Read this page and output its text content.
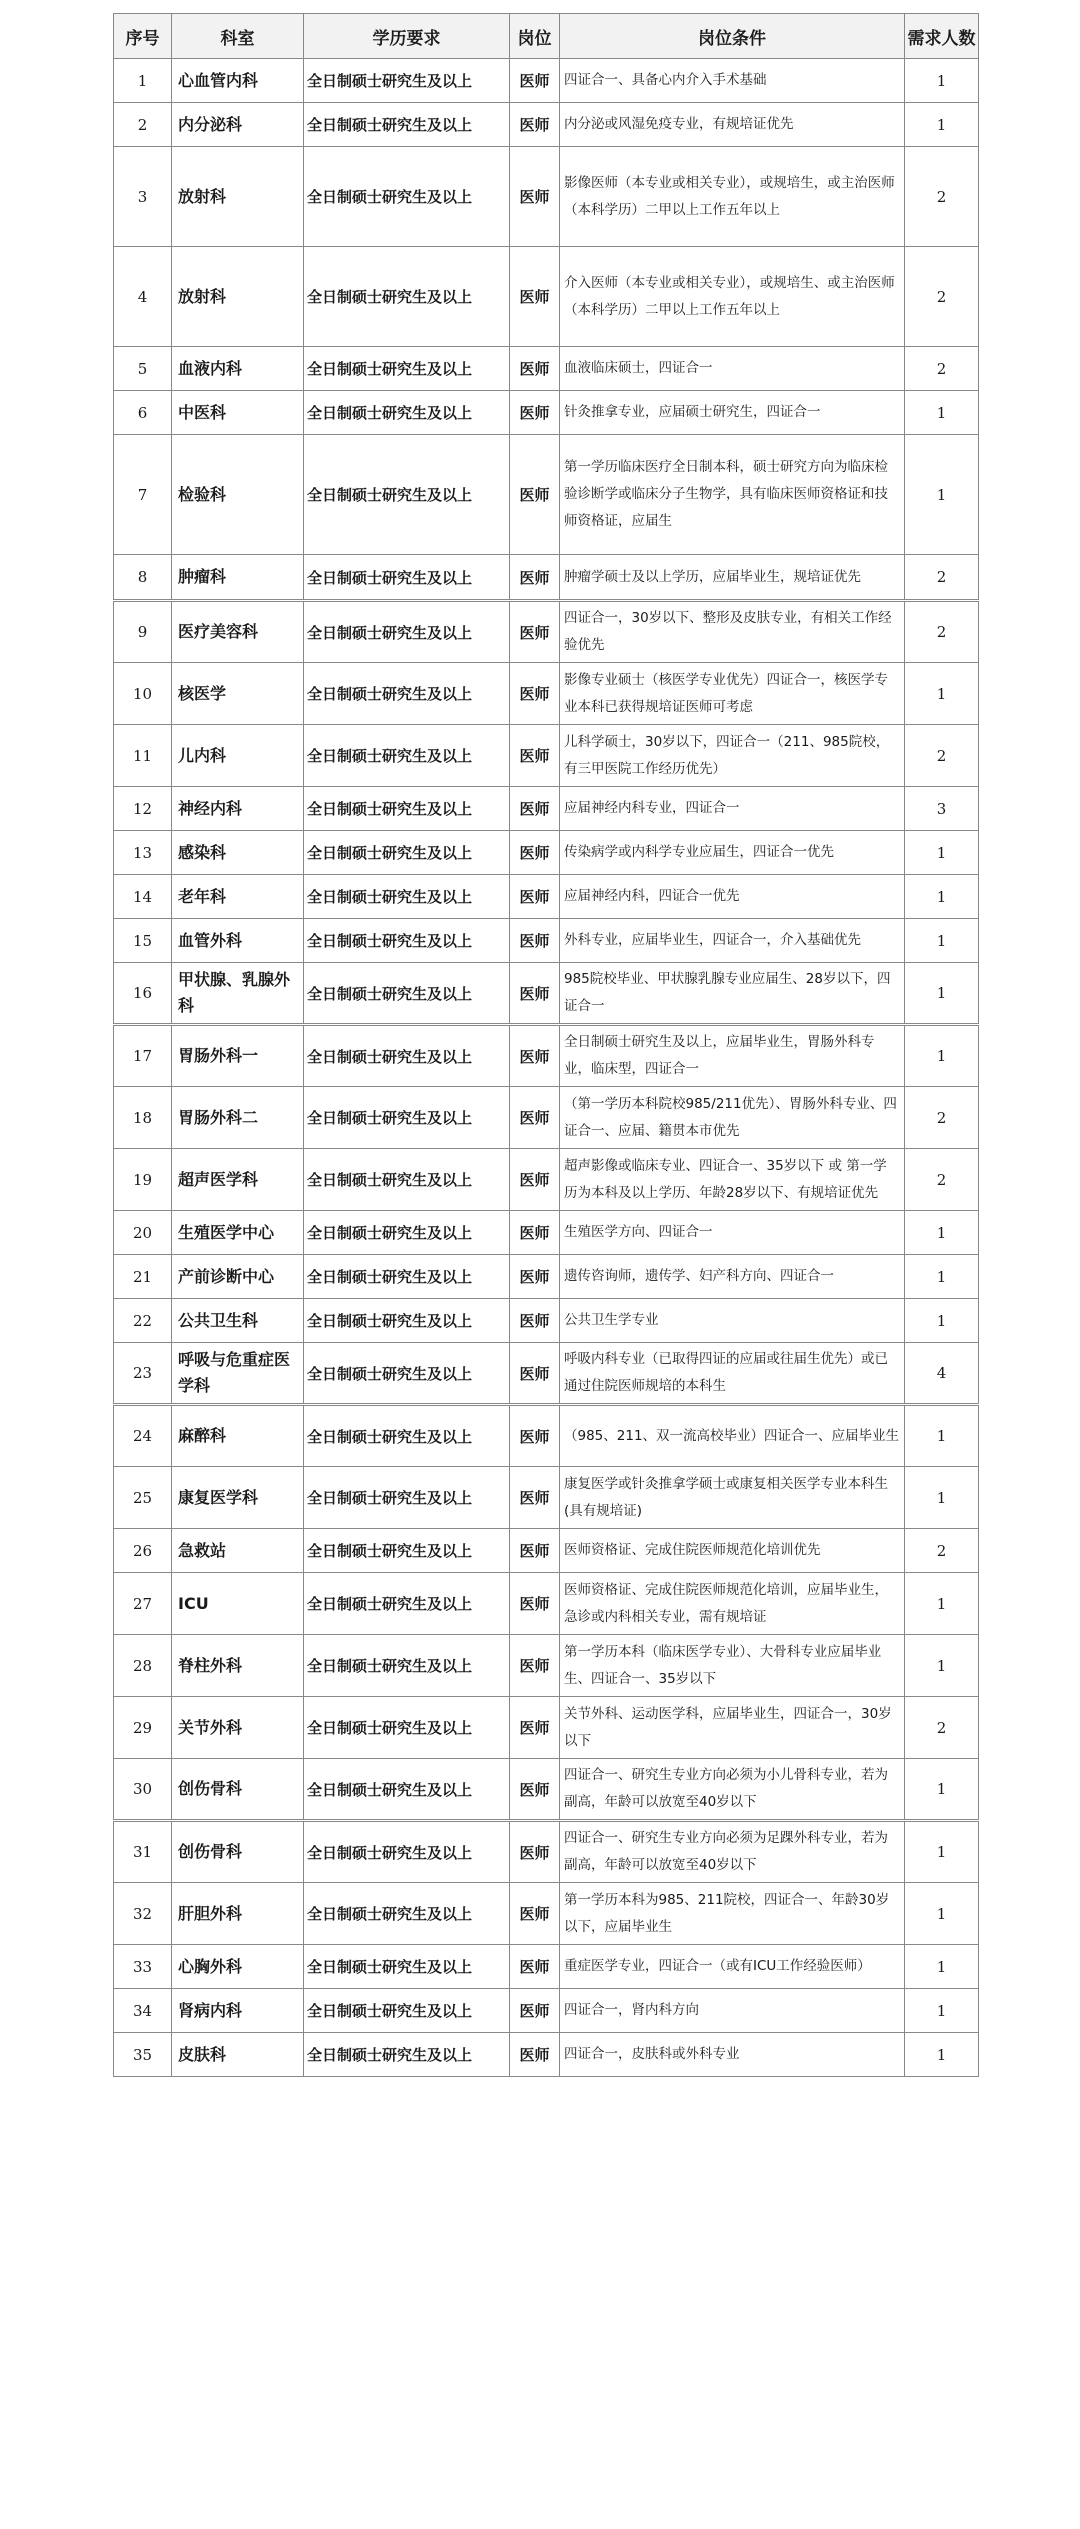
序号	科室	学历要求	岗位	岗位条件	需求人数
1	心血管内科	全日制硕士研究生及以上	医师	四证合一、具备心内介入手术基础	1
2	内分泌科	全日制硕士研究生及以上	医师	内分泌或风湿免疫专业，有规培证优先	1
3	放射科	全日制硕士研究生及以上	医师	影像医师（本专业或相关专业），或规培生，或主治医师（本科学历）二甲以上工作五年以上	2
4	放射科	全日制硕士研究生及以上	医师	介入医师（本专业或相关专业），或规培生、或主治医师（本科学历）二甲以上工作五年以上	2
5	血液内科	全日制硕士研究生及以上	医师	血液临床硕士，四证合一	2
6	中医科	全日制硕士研究生及以上	医师	针灸推拿专业，应届硕士研究生，四证合一	1
7	检验科	全日制硕士研究生及以上	医师	第一学历临床医疗全日制本科，硕士研究方向为临床检验诊断学或临床分子生物学，具有临床医师资格证和技师资格证，应届生	1
8	肿瘤科	全日制硕士研究生及以上	医师	肿瘤学硕士及以上学历，应届毕业生，规培证优先	2
9	医疗美容科	全日制硕士研究生及以上	医师	四证合一，30岁以下、整形及皮肤专业，有相关工作经验优先	2
10	核医学	全日制硕士研究生及以上	医师	影像专业硕士（核医学专业优先）四证合一，核医学专业本科已获得规培证医师可考虑	1
11	儿内科	全日制硕士研究生及以上	医师	儿科学硕士，30岁以下，四证合一（211、985院校，有三甲医院工作经历优先）	2
12	神经内科	全日制硕士研究生及以上	医师	应届神经内科专业，四证合一	3
13	感染科	全日制硕士研究生及以上	医师	传染病学或内科学专业应届生，四证合一优先	1
14	老年科	全日制硕士研究生及以上	医师	应届神经内科，四证合一优先	1
15	血管外科	全日制硕士研究生及以上	医师	外科专业，应届毕业生，四证合一，介入基础优先	1
16	甲状腺、乳腺外科	全日制硕士研究生及以上	医师	985院校毕业、甲状腺乳腺专业应届生、28岁以下，四证合一	1
17	胃肠外科一	全日制硕士研究生及以上	医师	全日制硕士研究生及以上，应届毕业生，胃肠外科专业，临床型，四证合一	1
18	胃肠外科二	全日制硕士研究生及以上	医师	（第一学历本科院校985/211优先）、胃肠外科专业、四证合一、应届、籍贯本市优先	2
19	超声医学科	全日制硕士研究生及以上	医师	超声影像或临床专业、四证合一、35岁以下 或 第一学历为本科及以上学历、年龄28岁以下、有规培证优先	2
20	生殖医学中心	全日制硕士研究生及以上	医师	生殖医学方向、四证合一	1
21	产前诊断中心	全日制硕士研究生及以上	医师	遗传咨询师，遗传学、妇产科方向、四证合一	1
22	公共卫生科	全日制硕士研究生及以上	医师	公共卫生学专业	1
23	呼吸与危重症医学科	全日制硕士研究生及以上	医师	呼吸内科专业（已取得四证的应届或往届生优先）或已通过住院医师规培的本科生	4
24	麻醉科	全日制硕士研究生及以上	医师	（985、211、双一流高校毕业）四证合一、应届毕业生	1
25	康复医学科	全日制硕士研究生及以上	医师	康复医学或针灸推拿学硕士或康复相关医学专业本科生(具有规培证)	1
26	急救站	全日制硕士研究生及以上	医师	医师资格证、完成住院医师规范化培训优先	2
27	ICU	全日制硕士研究生及以上	医师	医师资格证、完成住院医师规范化培训，应届毕业生，急诊或内科相关专业，需有规培证	1
28	脊柱外科	全日制硕士研究生及以上	医师	第一学历本科（临床医学专业）、大骨科专业应届毕业生、四证合一、35岁以下	1
29	关节外科	全日制硕士研究生及以上	医师	关节外科、运动医学科，应届毕业生，四证合一，30岁以下	2
30	创伤骨科	全日制硕士研究生及以上	医师	四证合一、研究生专业方向必须为小儿骨科专业，若为副高，年龄可以放宽至40岁以下	1
31	创伤骨科	全日制硕士研究生及以上	医师	四证合一、研究生专业方向必须为足踝外科专业，若为副高，年龄可以放宽至40岁以下	1
32	肝胆外科	全日制硕士研究生及以上	医师	第一学历本科为985、211院校，四证合一、年龄30岁以下，应届毕业生	1
33	心胸外科	全日制硕士研究生及以上	医师	重症医学专业，四证合一（或有ICU工作经验医师）	1
34	肾病内科	全日制硕士研究生及以上	医师	四证合一，肾内科方向	1
35	皮肤科	全日制硕士研究生及以上	医师	四证合一，皮肤科或外科专业	1
